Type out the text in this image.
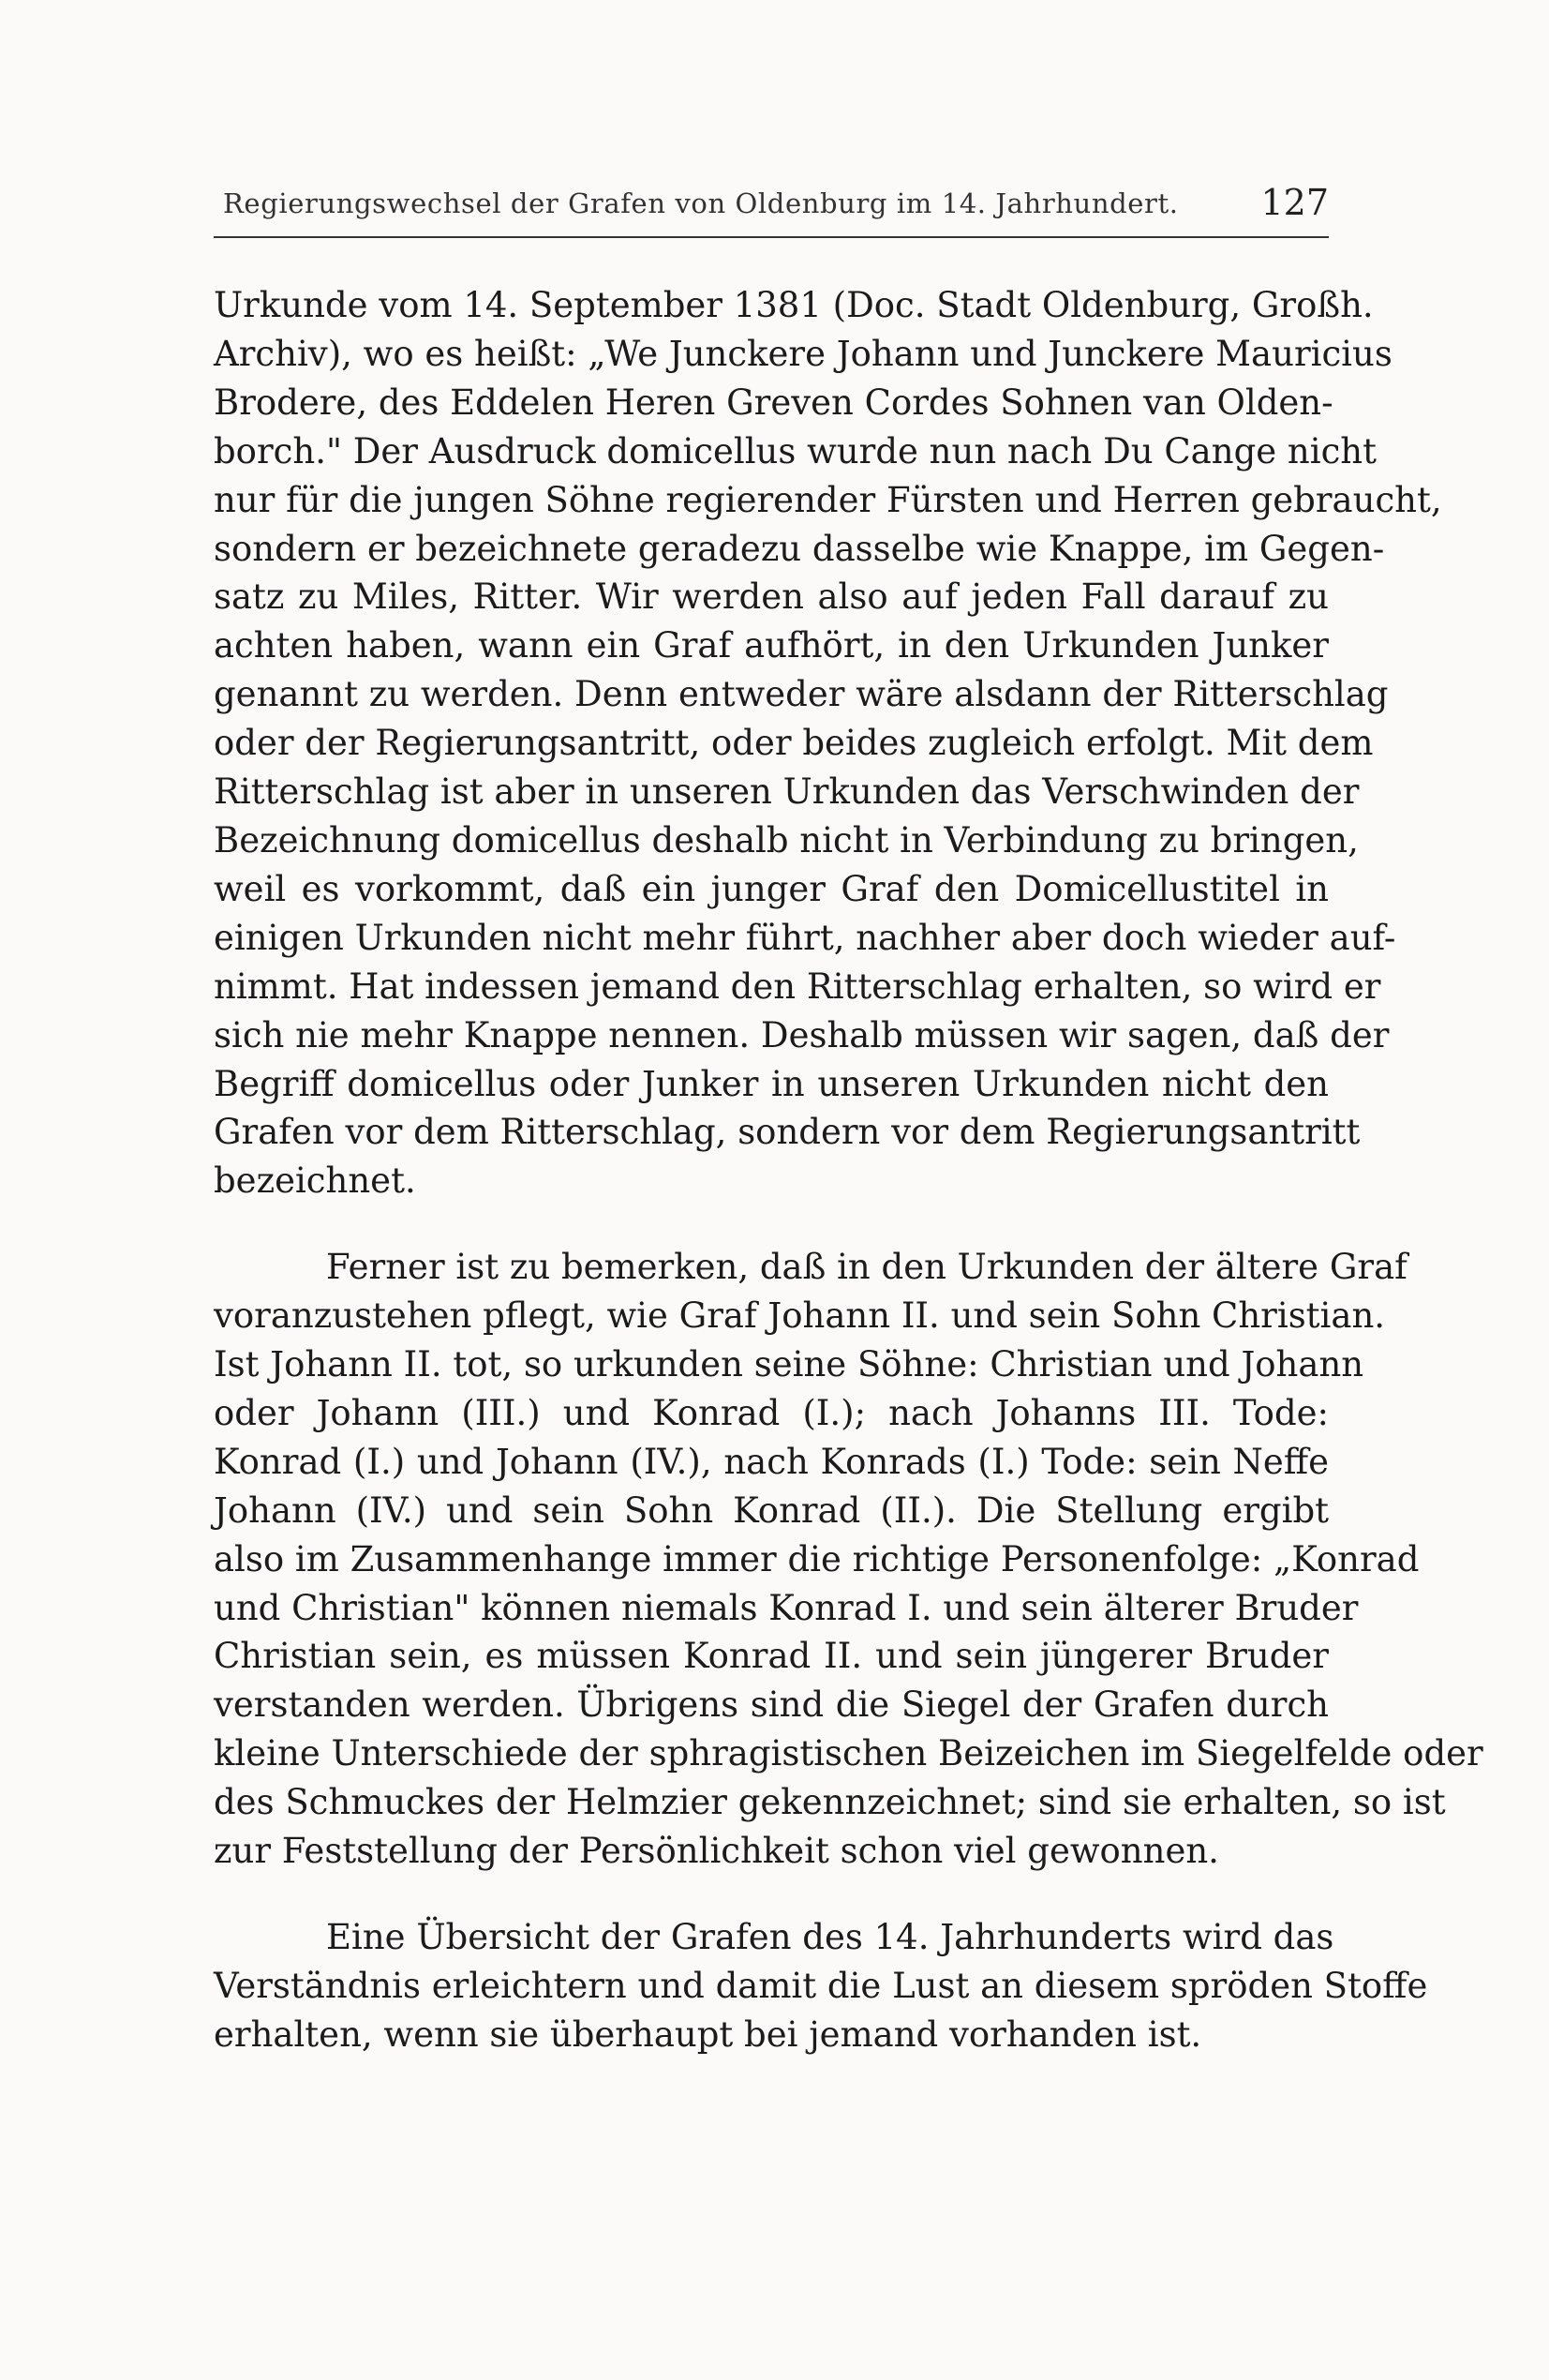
Regierungswechsel der Grafen von Oldenburg im 14. Jahrhundert. 127

Urkunde vom 14. September 1381 (Doc. Stadt Oldenburg, Großh.
Archiv), wo es heißt: „We Junckere Johann und Junckere Mauricius
Brodere, des Eddelen Heren Greven Cordes Sohnen van Olden-
borch." Der Ausdruck domicellus wurde nun nach Du Cange nicht
nur für die jungen Söhne regierender Fürsten und Herren gebraucht,
sondern er bezeichnete geradezu dasselbe wie Knappe, im Gegen-
satz zu Miles, Ritter. Wir werden also auf jeden Fall darauf zu
achten haben, wann ein Graf aufhört, in den Urkunden Junker
genannt zu werden. Denn entweder wäre alsdann der Ritterschlag
oder der Regierungsantritt, oder beides zugleich erfolgt. Mit dem
Ritterschlag ist aber in unseren Urkunden das Verschwinden der
Bezeichnung domicellus deshalb nicht in Verbindung zu bringen,
weil es vorkommt, daß ein junger Graf den Domicellustitel in
einigen Urkunden nicht mehr führt, nachher aber doch wieder auf-
nimmt. Hat indessen jemand den Ritterschlag erhalten, so wird er
sich nie mehr Knappe nennen. Deshalb müssen wir sagen, daß der
Begriff domicellus oder Junker in unseren Urkunden nicht den
Grafen vor dem Ritterschlag, sondern vor dem Regierungsantritt
bezeichnet.

Ferner ist zu bemerken, daß in den Urkunden der ältere Graf
voranzustehen pflegt, wie Graf Johann II. und sein Sohn Christian.
Ist Johann II. tot, so urkunden seine Söhne: Christian und Johann
oder Johann (III.) und Konrad (I.); nach Johanns III. Tode:
Konrad (I.) und Johann (IV.), nach Konrads (I.) Tode: sein Neffe
Johann (IV.) und sein Sohn Konrad (II.). Die Stellung ergibt
also im Zusammenhange immer die richtige Personenfolge: „Konrad
und Christian" können niemals Konrad I. und sein älterer Bruder
Christian sein, es müssen Konrad II. und sein jüngerer Bruder
verstanden werden. Übrigens sind die Siegel der Grafen durch
kleine Unterschiede der sphragistischen Beizeichen im Siegelfelde oder
des Schmuckes der Helmzier gekennzeichnet; sind sie erhalten, so ist
zur Feststellung der Persönlichkeit schon viel gewonnen.

Eine Übersicht der Grafen des 14. Jahrhunderts wird das
Verständnis erleichtern und damit die Lust an diesem spröden Stoffe
erhalten, wenn sie überhaupt bei jemand vorhanden ist.
